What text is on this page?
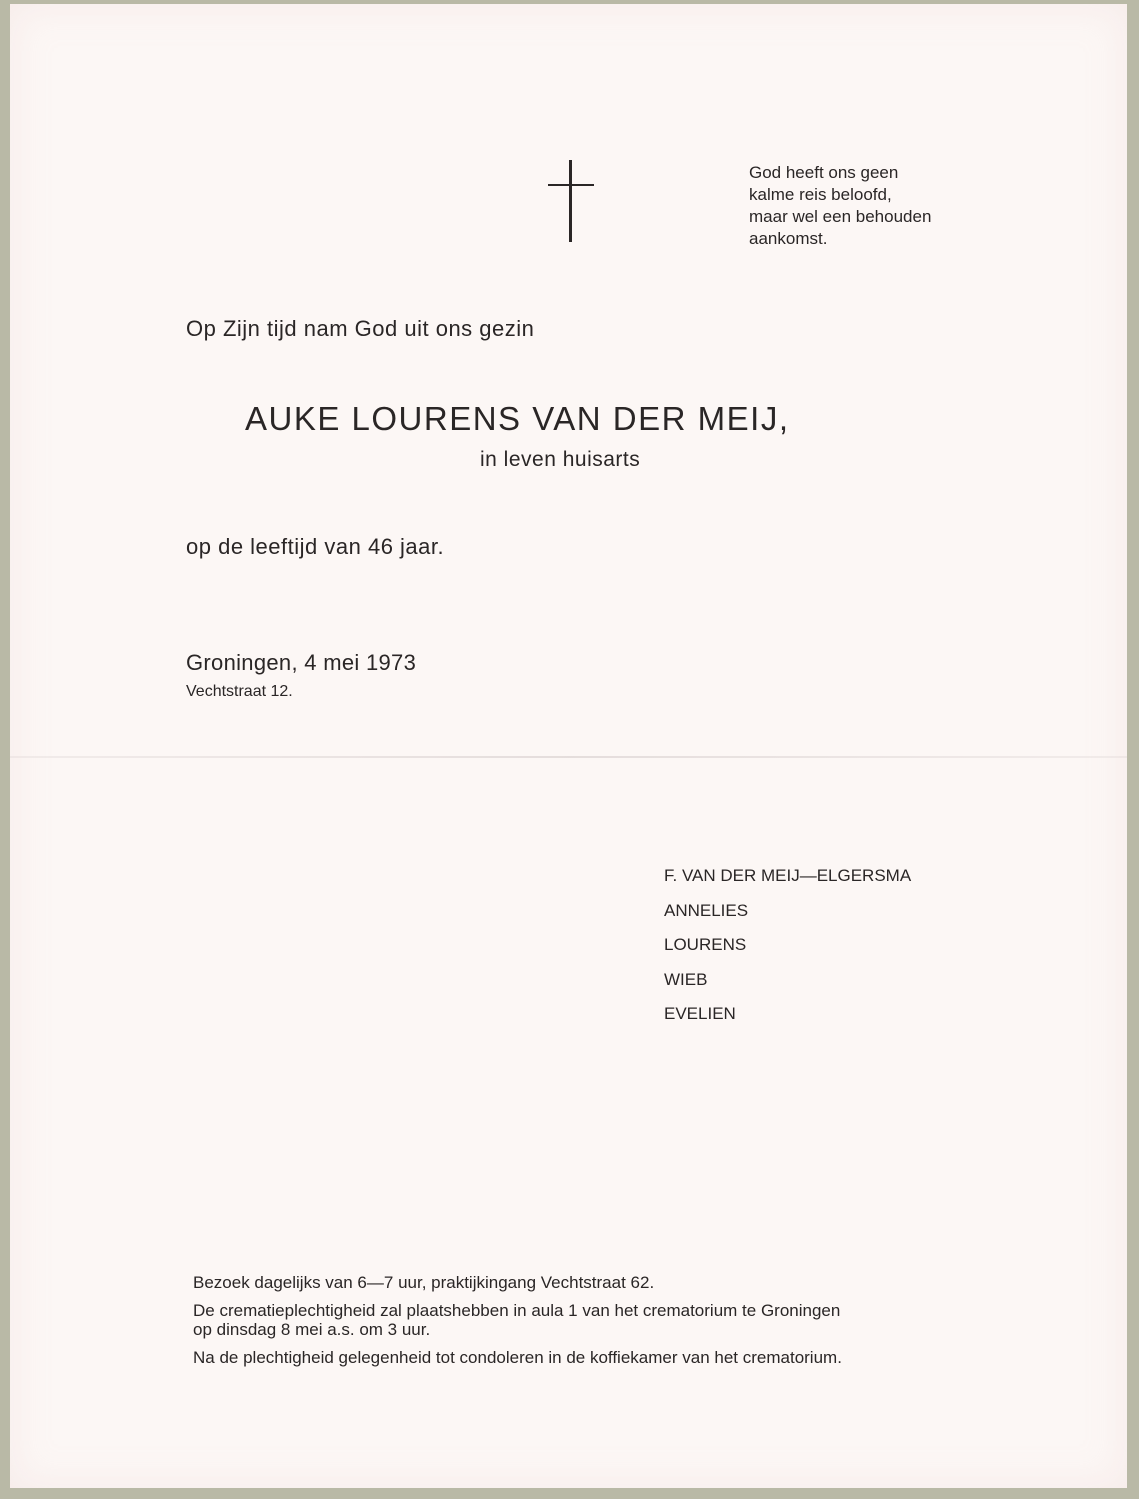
God heeft ons geen
kalme reis beloofd,
maar wel een behouden
aankomst.
Op Zijn tijd nam God uit ons gezin
AUKE LOURENS VAN DER MEIJ,
in leven huisarts
op de leeftijd van 46 jaar.
Groningen, 4 mei 1973
Vechtstraat 12.
F. VAN DER MEIJ—ELGERSMA
ANNELIES
LOURENS
WIEB
EVELIEN

Bezoek dagelijks van 6—7 uur, praktijkingang Vechtstraat 62.

De crematieplechtigheid zal plaatshebben in aula 1 van het crematorium te Groningen
op dinsdag 8 mei a.s. om 3 uur.

Na de plechtigheid gelegenheid tot condoleren in de koffiekamer van het crematorium.
